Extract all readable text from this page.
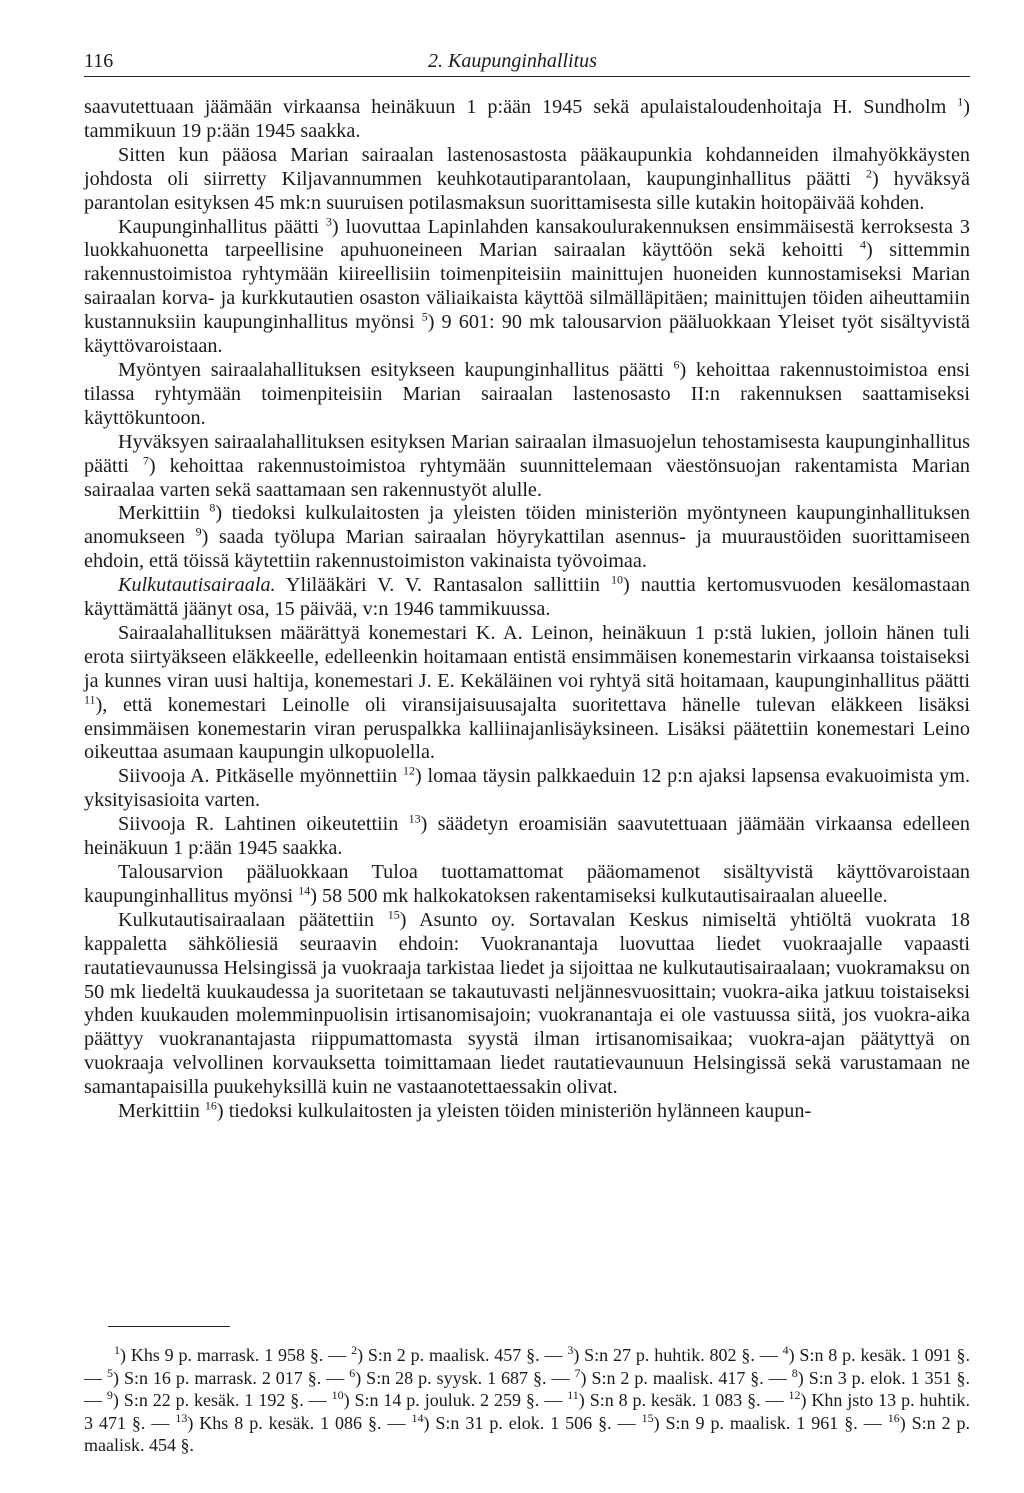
116	2. Kaupunginhallitus

saavutettuaan jäämään virkaansa heinäkuun 1 p:ään 1945 sekä apulaistaloudenhoitaja H. Sundholm $^1$) tammikuun 19 p:ään 1945 saakka.

Sitten kun pääosa Marian sairaalan lastenosastosta pääkaupunkia kohdanneiden ilmahyökkäysten johdosta oli siirretty Kiljavannummen keuhkotautiparantolaan, kaupunginhallitus päätti $^2$) hyväksyä parantolan esityksen 45 mk:n suuruisen potilasmaksun suorittamisesta sille kutakin hoitopäivää kohden.

Kaupunginhallitus päätti $^3$) luovuttaa Lapinlahden kansakoulurakennuksen ensimmäisestä kerroksesta 3 luokkahuonetta tarpeellisine apuhuoneineen Marian sairaalan käyttöön sekä kehoitti $^4$) sittemmin rakennustoimistoa ryhtymään kiireellisiin toimenpiteisiin mainittujen huoneiden kunnostamiseksi Marian sairaalan korva- ja kurkkutautien osaston väliaikaista käyttöä silmälläpitäen; mainittujen töiden aiheuttamiin kustannuksiin kaupunginhallitus myönsi $^5$) 9 601: 90 mk talousarvion pääluokkaan Yleiset työt sisältyvistä käyttövaroistaan.

Myöntyen sairaalahallituksen esitykseen kaupunginhallitus päätti $^6$) kehoittaa rakennustoimistoa ensi tilassa ryhtymään toimenpiteisiin Marian sairaalan lastenosasto II:n rakennuksen saattamiseksi käyttökuntoon.

Hyväksyen sairaalahallituksen esityksen Marian sairaalan ilmasuojelun tehostamisesta kaupunginhallitus päätti $^7$) kehoittaa rakennustoimistoa ryhtymään suunnittelemaan väestönsuojan rakentamista Marian sairaalaa varten sekä saattamaan sen rakennustyöt alulle.

Merkittiin $^8$) tiedoksi kulkulaitosten ja yleisten töiden ministeriön myöntyneen kaupunginhallituksen anomukseen $^9$) saada työlupa Marian sairaalan höyrykattilan asennus- ja muuraustöiden suorittamiseen ehdoin, että töissä käytettiin rakennustoimiston vakinaista työvoimaa.

Kulkutautisairaala. Ylilääkäri V. V. Rantasalon sallittiin $^{10}$) nauttia kertomusvuoden kesälomastaan käyttämättä jäänyt osa, 15 päivää, v:n 1946 tammikuussa.

Sairaalahallituksen määrättyä konemestari K. A. Leinon, heinäkuun 1 p:stä lukien, jolloin hänen tuli erota siirtyäkseen eläkkeelle, edelleenkin hoitamaan entistä ensimmäisen konemestarin virkaansa toistaiseksi ja kunnes viran uusi haltija, konemestari J. E. Kekäläinen voi ryhtyä sitä hoitamaan, kaupunginhallitus päätti $^{11}$), että konemestari Leinolle oli viransijaisuusajalta suoritettava hänelle tulevan eläkkeen lisäksi ensimmäisen konemestarin viran peruspalkka kalliinajanlisäyksineen. Lisäksi päätettiin konemestari Leino oikeuttaa asumaan kaupungin ulkopuolella.

Siivooja A. Pitkäselle myönnettiin $^{12}$) lomaa täysin palkkaeduin 12 p:n ajaksi lapsensa evakuoimista ym. yksityisasioita varten.

Siivooja R. Lahtinen oikeutettiin $^{13}$) säädetyn eroamisiän saavutettuaan jäämään virkaansa edelleen heinäkuun 1 p:ään 1945 saakka.

Talousarvion pääluokkaan Tuloa tuottamattomat pääomamenot sisältyvistä käyttövaroistaan kaupunginhallitus myönsi $^{14}$) 58 500 mk halkokatoksen rakentamiseksi kulkutautisairaalan alueelle.

Kulkutautisairaalaan päätettiin $^{15}$) Asunto oy. Sortavalan Keskus nimiseltä yhtiöltä vuokrata 18 kappaletta sähköliesiä seuraavin ehdoin: Vuokranantaja luovuttaa liedet vuokraajalle vapaasti rautatievaunussa Helsingissä ja vuokraaja tarkistaa liedet ja sijoittaa ne kulkutautisairaalaan; vuokramaksu on 50 mk liedeltä kuukaudessa ja suoritetaan se takautuvasti neljännesvuosittain; vuokra-aika jatkuu toistaiseksi yhden kuukauden molemminpuolisin irtisanomisajoin; vuokranantaja ei ole vastuussa siitä, jos vuokra-aika päättyy vuokranantajasta riippumattomasta syystä ilman irtisanomisaikaa; vuokra-ajan päätyttyä on vuokraaja velvollinen korvauksetta toimittamaan liedet rautatievaunuun Helsingissä sekä varustamaan ne samantapaisilla puukehyksillä kuin ne vastaanotettaessakin olivat.

Merkittiin $^{16}$) tiedoksi kulkulaitosten ja yleisten töiden ministeriön hylänneen kaupun-

$^1$) Khs 9 p. marrask. 1 958 §. — $^2$) S:n 2 p. maalisk. 457 §. — $^3$) S:n 27 p. huhtik. 802 §. — $^4$) S:n 8 p. kesäk. 1 091 §. — $^5$) S:n 16 p. marrask. 2 017 §. — $^6$) S:n 28 p. syysk. 1 687 §. — $^7$) S:n 2 p. maalisk. 417 §. — $^8$) S:n 3 p. elok. 1 351 §. — $^9$) S:n 22 p. kesäk. 1 192 §. — $^{10}$) S:n 14 p. jouluk. 2 259 §. — $^{11}$) S:n 8 p. kesäk. 1 083 §. — $^{12}$) Khn jsto 13 p. huhtik. 3 471 §. — $^{13}$) Khs 8 p. kesäk. 1 086 §. — $^{14}$) S:n 31 p. elok. 1 506 §. — $^{15}$) S:n 9 p. maalisk. 1 961 §. — $^{16}$) S:n 2 p. maalisk. 454 §.
